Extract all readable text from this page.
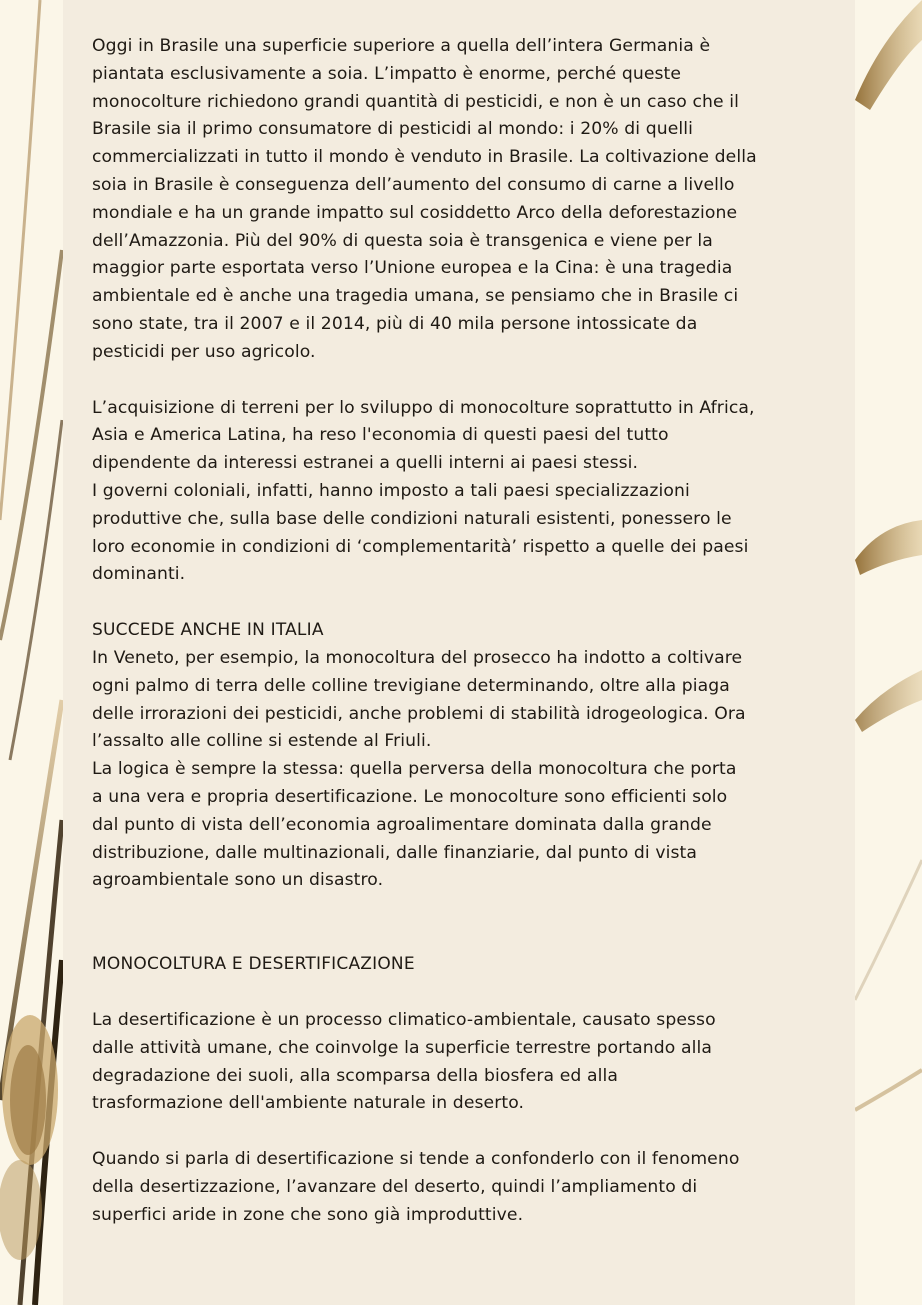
Oggi in Brasile una superficie superiore a quella dell’intera Germania è
piantata esclusivamente a soia. L’impatto è enorme, perché queste
monocolture richiedono grandi quantità di pesticidi, e non è un caso che il
Brasile sia il primo consumatore di pesticidi al mondo: i 20% di quelli
commercializzati in tutto il mondo è venduto in Brasile. La coltivazione della
soia in Brasile è conseguenza dell’aumento del consumo di carne a livello
mondiale e ha un grande impatto sul cosiddetto Arco della deforestazione
dell’Amazzonia. Più del 90% di questa soia è transgenica e viene per la
maggior parte esportata verso l’Unione europea e la Cina: è una tragedia
ambientale ed è anche una tragedia umana, se pensiamo che in Brasile ci
sono state, tra il 2007 e il 2014, più di 40 mila persone intossicate da
pesticidi per uso agricolo.

L’acquisizione di terreni per lo sviluppo di monocolture soprattutto in Africa,
Asia e America Latina, ha reso l'economia di questi paesi del tutto
dipendente da interessi estranei a quelli interni ai paesi stessi.
I governi coloniali, infatti, hanno imposto a tali paesi specializzazioni
produttive che, sulla base delle condizioni naturali esistenti, ponessero le
loro economie in condizioni di ‘complementarità’ rispetto a quelle dei paesi
dominanti.

SUCCEDE ANCHE IN ITALIA

In Veneto, per esempio, la monocoltura del prosecco ha indotto a coltivare
ogni palmo di terra delle colline trevigiane determinando, oltre alla piaga
delle irrorazioni dei pesticidi, anche problemi di stabilità idrogeologica. Ora
l’assalto alle colline si estende al Friuli.
La logica è sempre la stessa: quella perversa della monocoltura che porta
a una vera e propria desertificazione. Le monocolture sono efficienti solo
dal punto di vista dell’economia agroalimentare dominata dalla grande
distribuzione, dalle multinazionali, dalle finanziarie, dal punto di vista
agroambientale sono un disastro.

MONOCOLTURA E DESERTIFICAZIONE

La desertificazione è un processo climatico-ambientale, causato spesso
dalle attività umane, che coinvolge la superficie terrestre portando alla
degradazione dei suoli, alla scomparsa della biosfera ed alla
trasformazione dell'ambiente naturale in deserto.

Quando si parla di desertificazione si tende a confonderlo con il fenomeno
della desertizzazione, l’avanzare del deserto, quindi l’ampliamento di
superfici aride in zone che sono già improduttive.
